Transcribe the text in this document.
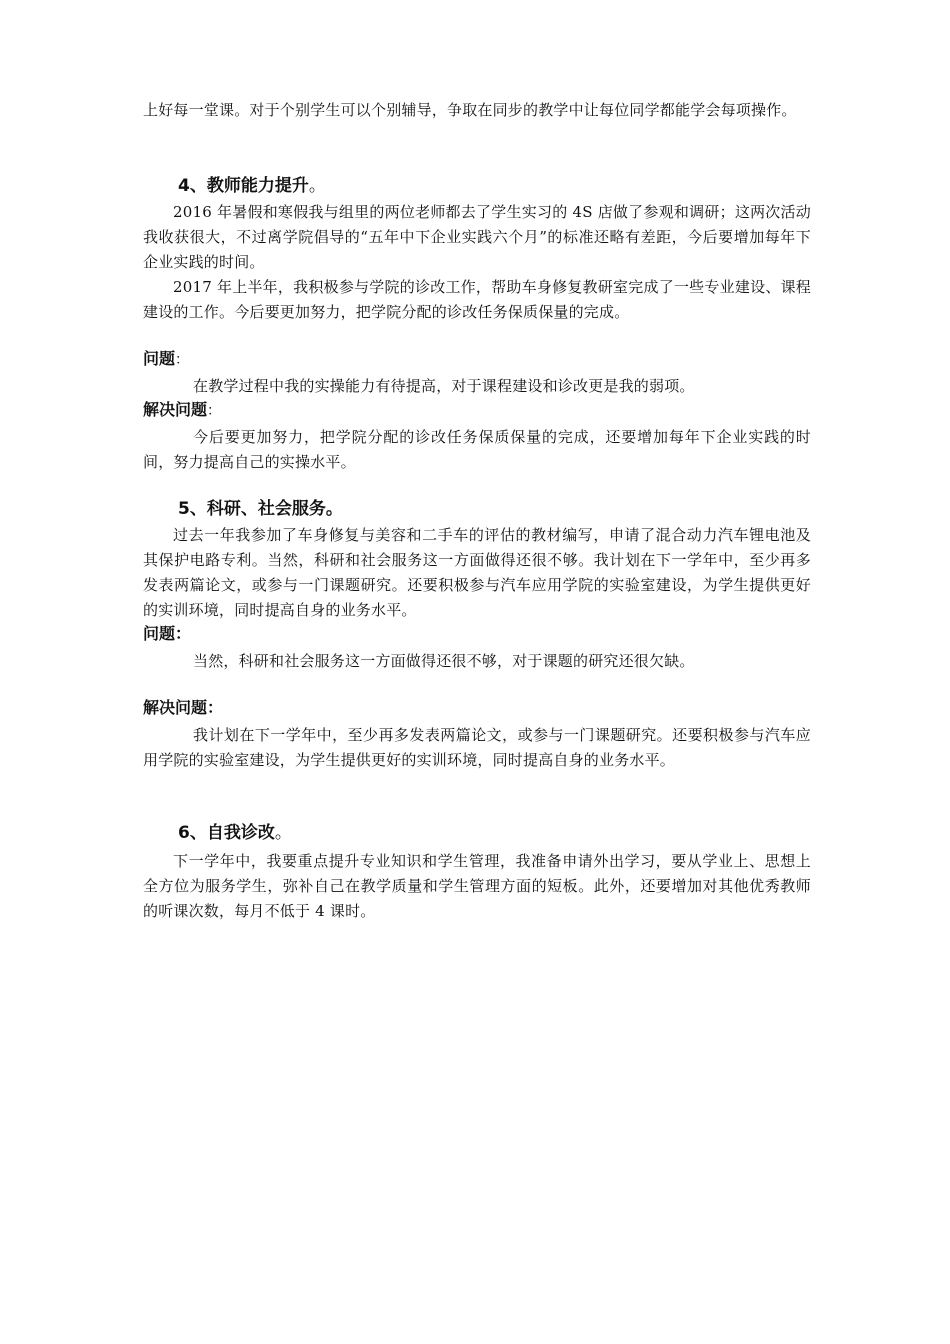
上好每一堂课。对于个别学生可以个别辅导，争取在同步的教学中让每位同学都能学会每项操作。

4、教师能力提升。

2016 年暑假和寒假我与组里的两位老师都去了学生实习的 4S 店做了参观和调研；这两次活动我收获很大，不过离学院倡导的“五年中下企业实践六个月”的标准还略有差距，今后要增加每年下企业实践的时间。

2017 年上半年，我积极参与学院的诊改工作，帮助车身修复教研室完成了一些专业建设、课程建设的工作。今后要更加努力，把学院分配的诊改任务保质保量的完成。

问题：

在教学过程中我的实操能力有待提高，对于课程建设和诊改更是我的弱项。

解决问题：

今后要更加努力，把学院分配的诊改任务保质保量的完成，还要增加每年下企业实践的时间，努力提高自己的实操水平。

5、科研、社会服务。

过去一年我参加了车身修复与美容和二手车的评估的教材编写，申请了混合动力汽车锂电池及其保护电路专利。当然，科研和社会服务这一方面做得还很不够。我计划在下一学年中，至少再多发表两篇论文，或参与一门课题研究。还要积极参与汽车应用学院的实验室建设，为学生提供更好的实训环境，同时提高自身的业务水平。

问题：

当然，科研和社会服务这一方面做得还很不够，对于课题的研究还很欠缺。

解决问题：

我计划在下一学年中，至少再多发表两篇论文，或参与一门课题研究。还要积极参与汽车应用学院的实验室建设，为学生提供更好的实训环境，同时提高自身的业务水平。

6、自我诊改。

下一学年中，我要重点提升专业知识和学生管理，我准备申请外出学习，要从学业上、思想上全方位为服务学生，弥补自己在教学质量和学生管理方面的短板。此外，还要增加对其他优秀教师的听课次数，每月不低于 4 课时。
